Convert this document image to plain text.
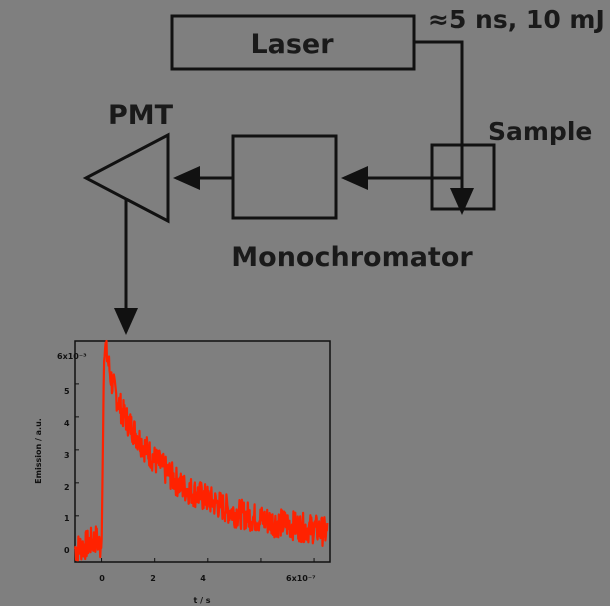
Laser
≈5 ns, 10 mJ
Sample
Monochromator
PMT
Emission / a.u.
t / s
6x10⁻³
6x10⁻⁷
0
1
2
3
4
5
0	2	4
